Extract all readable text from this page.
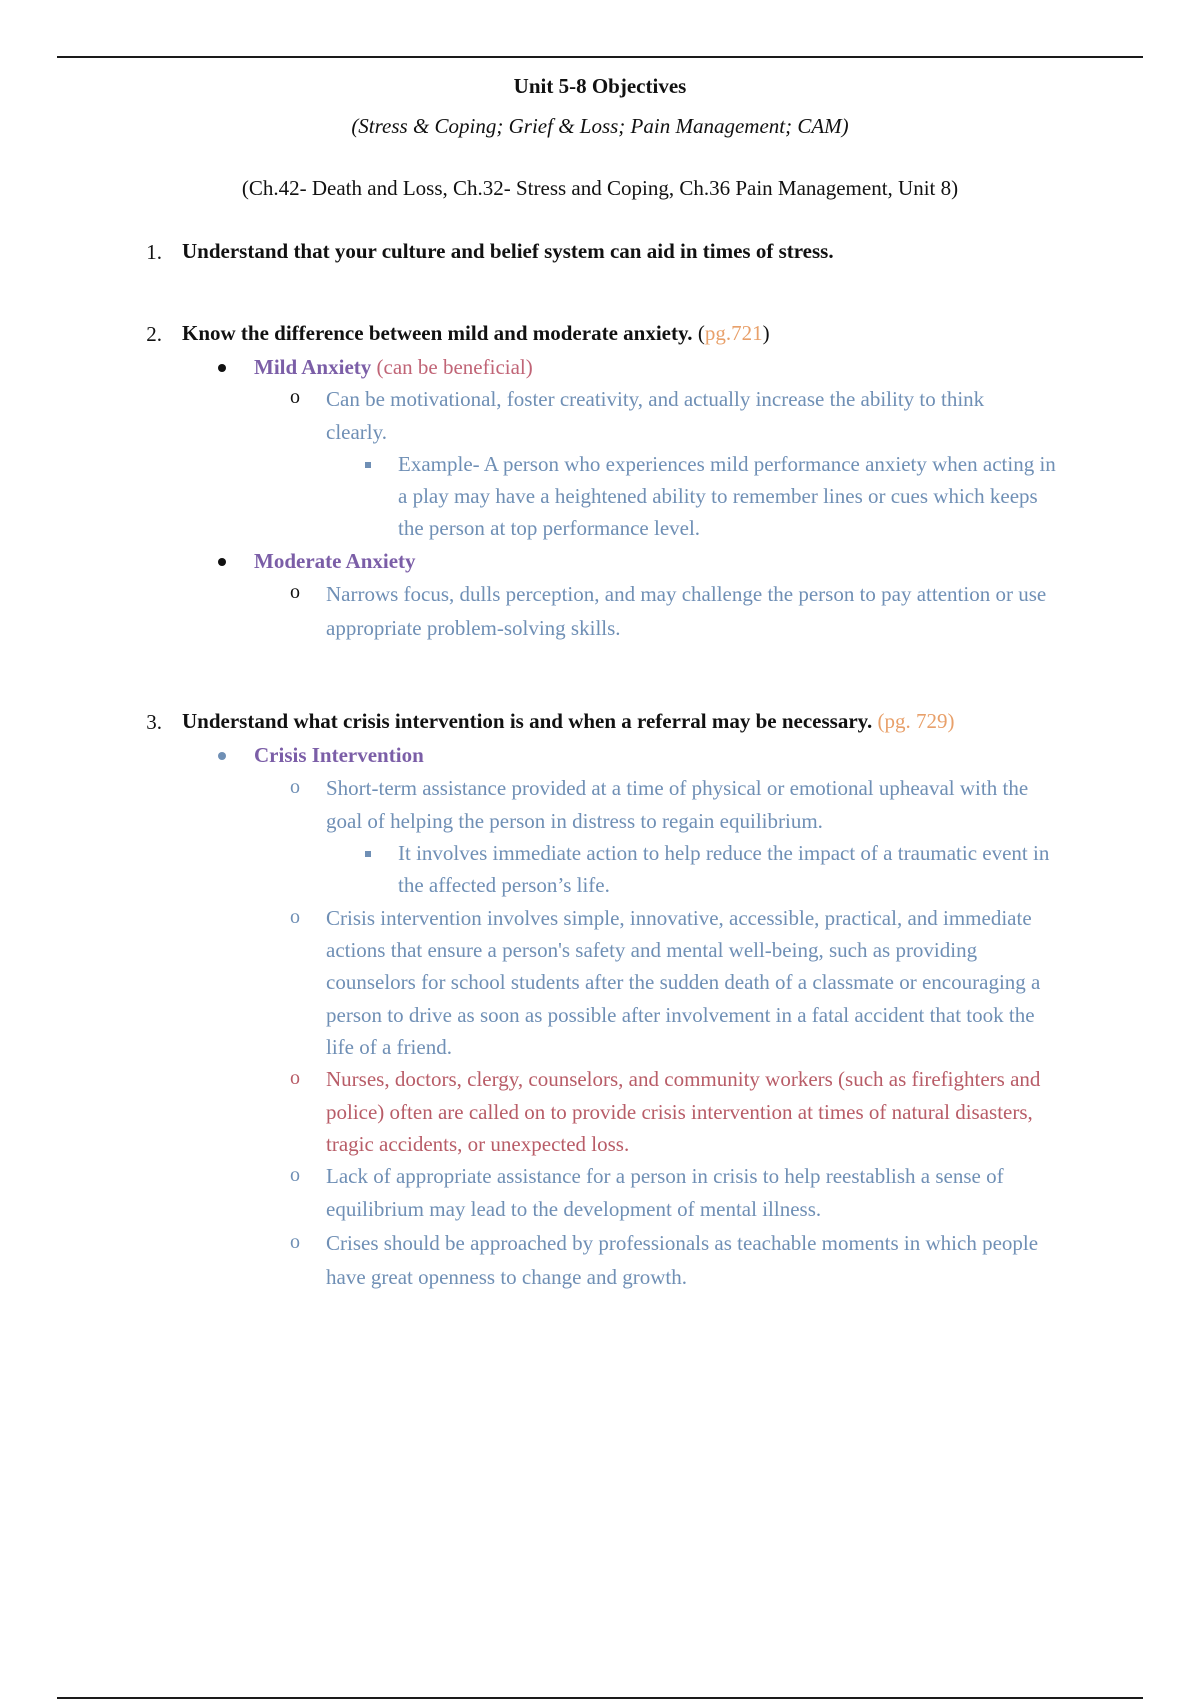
Unit 5-8 Objectives
(Stress & Coping; Grief & Loss; Pain Management; CAM)
(Ch.42- Death and Loss, Ch.32- Stress and Coping, Ch.36 Pain Management, Unit 8)
1. Understand that your culture and belief system can aid in times of stress.
2. Know the difference between mild and moderate anxiety. (pg.721)
Mild Anxiety (can be beneficial)
o Can be motivational, foster creativity, and actually increase the ability to think
clearly.
Example- A person who experiences mild performance anxiety when acting in
a play may have a heightened ability to remember lines or cues which keeps
the person at top performance level.
Moderate Anxiety
o Narrows focus, dulls perception, and may challenge the person to pay attention or use
appropriate problem-solving skills.
3. Understand what crisis intervention is and when a referral may be necessary. (pg. 729)
Crisis Intervention
o Short-term assistance provided at a time of physical or emotional upheaval with the
goal of helping the person in distress to regain equilibrium.
It involves immediate action to help reduce the impact of a traumatic event in
the affected person’s life.
o Crisis intervention involves simple, innovative, accessible, practical, and immediate
actions that ensure a person's safety and mental well-being, such as providing
counselors for school students after the sudden death of a classmate or encouraging a
person to drive as soon as possible after involvement in a fatal accident that took the
life of a friend.
o Nurses, doctors, clergy, counselors, and community workers (such as firefighters and
police) often are called on to provide crisis intervention at times of natural disasters,
tragic accidents, or unexpected loss.
o Lack of appropriate assistance for a person in crisis to help reestablish a sense of
equilibrium may lead to the development of mental illness.
o Crises should be approached by professionals as teachable moments in which people
have great openness to change and growth.
